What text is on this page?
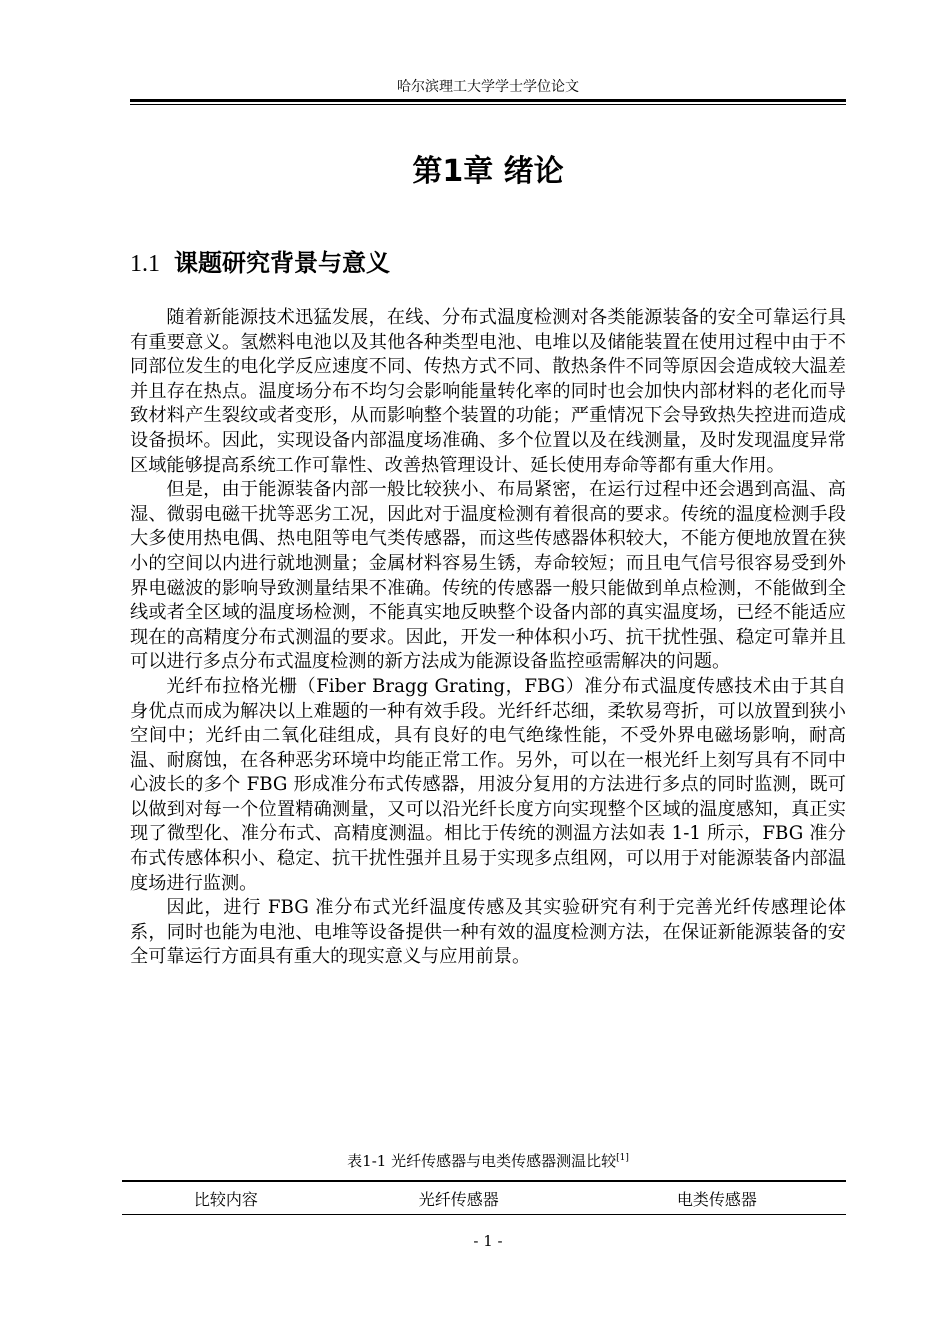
哈尔滨理工大学学士学位论文
第1章 绪论
1.1 课题研究背景与意义

随着新能源技术迅猛发展，在线、分布式温度检测对各类能源装备的安全可靠运行具有重要意义。氢燃料电池以及其他各种类型电池、电堆以及储能装置在使用过程中由于不同部位发生的电化学反应速度不同、传热方式不同、散热条件不同等原因会造成较大温差并且存在热点。温度场分布不均匀会影响能量转化率的同时也会加快内部材料的老化而导致材料产生裂纹或者变形，从而影响整个装置的功能；严重情况下会导致热失控进而造成设备损坏。因此，实现设备内部温度场准确、多个位置以及在线测量，及时发现温度异常区域能够提高系统工作可靠性、改善热管理设计、延长使用寿命等都有重大作用。

但是，由于能源装备内部一般比较狭小、布局紧密，在运行过程中还会遇到高温、高湿、微弱电磁干扰等恶劣工况，因此对于温度检测有着很高的要求。传统的温度检测手段大多使用热电偶、热电阻等电气类传感器，而这些传感器体积较大，不能方便地放置在狭小的空间以内进行就地测量；金属材料容易生锈，寿命较短；而且电气信号很容易受到外界电磁波的影响导致测量结果不准确。传统的传感器一般只能做到单点检测，不能做到全线或者全区域的温度场检测，不能真实地反映整个设备内部的真实温度场，已经不能适应现在的高精度分布式测温的要求。因此，开发一种体积小巧、抗干扰性强、稳定可靠并且可以进行多点分布式温度检测的新方法成为能源设备监控亟需解决的问题。

光纤布拉格光栅（Fiber Bragg Grating，FBG）准分布式温度传感技术由于其自身优点而成为解决以上难题的一种有效手段。光纤纤芯细，柔软易弯折，可以放置到狭小空间中；光纤由二氧化硅组成，具有良好的电气绝缘性能，不受外界电磁场影响，耐高温、耐腐蚀，在各种恶劣环境中均能正常工作。另外，可以在一根光纤上刻写具有不同中心波长的多个 FBG 形成准分布式传感器，用波分复用的方法进行多点的同时监测，既可以做到对每一个位置精确测量，又可以沿光纤长度方向实现整个区域的温度感知，真正实现了微型化、准分布式、高精度测温。相比于传统的测温方法如表 1-1 所示，FBG 准分布式传感体积小、稳定、抗干扰性强并且易于实现多点组网，可以用于对能源装备内部温度场进行监测。

因此，进行 FBG 准分布式光纤温度传感及其实验研究有利于完善光纤传感理论体系，同时也能为电池、电堆等设备提供一种有效的温度检测方法，在保证新能源装备的安全可靠运行方面具有重大的现实意义与应用前景。

表1-1 光纤传感器与电类传感器测温比较[1]
比较内容	光纤传感器	电类传感器
- 1 -
